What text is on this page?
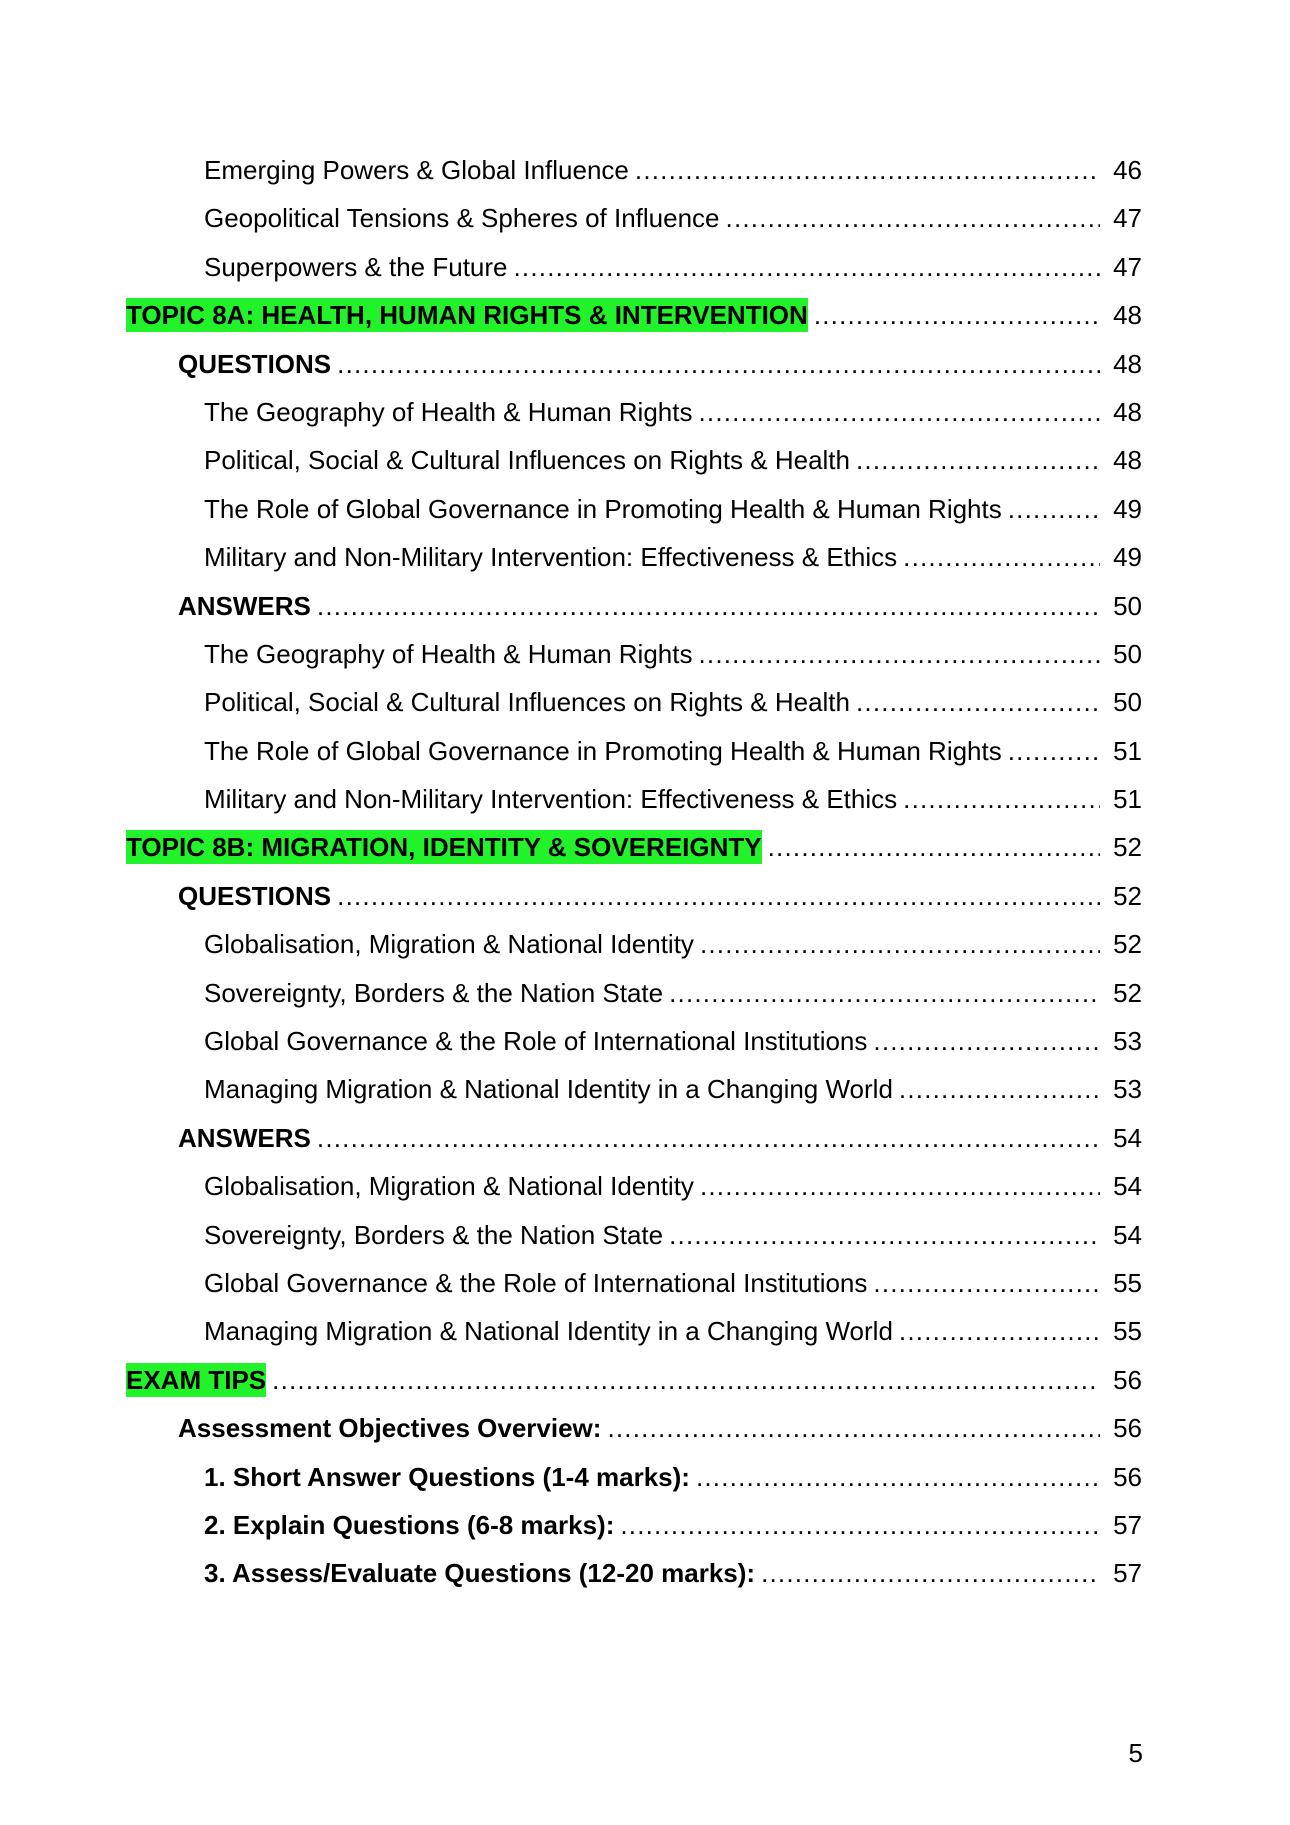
Emerging Powers & Global Influence .....	46
Geopolitical Tensions & Spheres of Influence .....	47
Superpowers & the Future .....	47
TOPIC 8A: HEALTH, HUMAN RIGHTS & INTERVENTION .....	48
QUESTIONS .....	48
The Geography of Health & Human Rights .....	48
Political, Social & Cultural Influences on Rights & Health .....	48
The Role of Global Governance in Promoting Health & Human Rights .....	49
Military and Non-Military Intervention: Effectiveness & Ethics .....	49
ANSWERS .....	50
The Geography of Health & Human Rights .....	50
Political, Social & Cultural Influences on Rights & Health .....	50
The Role of Global Governance in Promoting Health & Human Rights .....	51
Military and Non-Military Intervention: Effectiveness & Ethics .....	51
TOPIC 8B: MIGRATION, IDENTITY & SOVEREIGNTY .....	52
QUESTIONS .....	52
Globalisation, Migration & National Identity .....	52
Sovereignty, Borders & the Nation State .....	52
Global Governance & the Role of International Institutions .....	53
Managing Migration & National Identity in a Changing World .....	53
ANSWERS .....	54
Globalisation, Migration & National Identity .....	54
Sovereignty, Borders & the Nation State .....	54
Global Governance & the Role of International Institutions .....	55
Managing Migration & National Identity in a Changing World .....	55
EXAM TIPS .....	56
Assessment Objectives Overview: .....	56
1. Short Answer Questions (1-4 marks): .....	56
2. Explain Questions (6-8 marks): .....	57
3. Assess/Evaluate Questions (12-20 marks): .....	57
5
